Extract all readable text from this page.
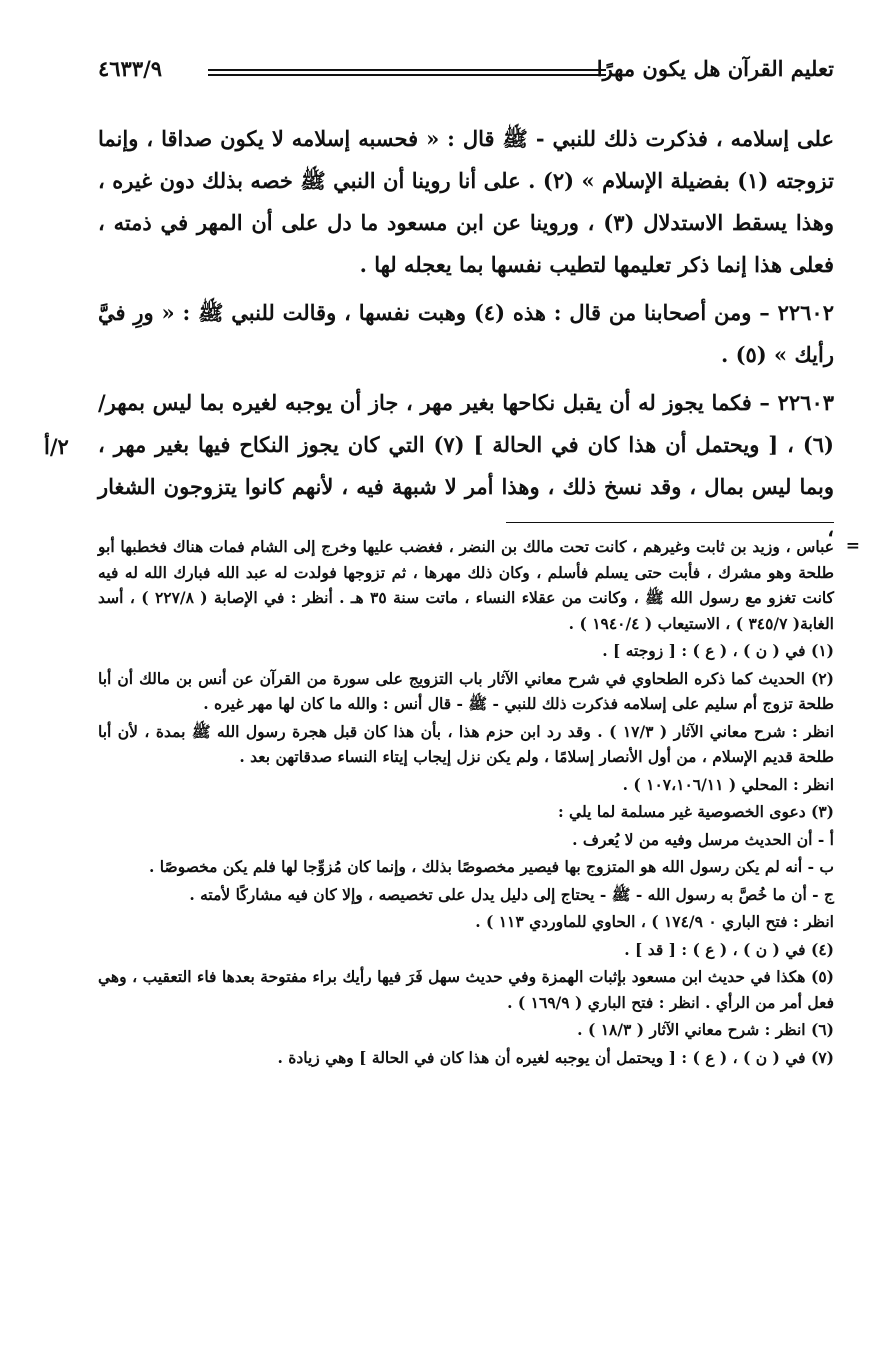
تعليم القرآن هل يكون مهرًا
٤٦٣٣/٩

على إسلامه ، فذكرت ذلك للنبي - ﷺ قال : « فحسبه إسلامه لا يكون صداقا ، وإنما تزوجته (١) بفضيلة الإسلام » (٢) . على أنا روينا أن النبي ﷺ خصه بذلك دون غيره ، وهذا يسقط الاستدلال (٣) ، وروينا عن ابن مسعود ما دل على أن المهر في ذمته ، فعلى هذا إنما ذكر تعليمها لتطيب نفسها بما يعجله لها .

٢٢٦٠٢ – ومن أصحابنا من قال : هذه (٤) وهبت نفسها ، وقالت للنبي ﷺ : « ورِ فيَّ رأيك » (٥) .

٢٢٦٠٣ – فكما يجوز له أن يقبل نكاحها بغير مهر ، جاز أن يوجبه لغيره بما ليس بمهر/ (٦) ، [ ويحتمل أن هذا كان في الحالة ] (٧) التي كان يجوز النكاح فيها بغير مهر ، وبما ليس بمال ، وقد نسخ ذلك ، وهذا أمر لا شبهة فيه ، لأنهم كانوا يتزوجون الشغار ،

٢/أ

=
عباس ، وزيد بن ثابت وغيرهم ، كانت تحت مالك بن النضر ، فغضب عليها وخرج إلى الشام فمات هناك فخطبها أبو طلحة وهو مشرك ، فأبت حتى يسلم فأسلم ، وكان ذلك مهرها ، ثم تزوجها فولدت له عبد الله فبارك الله له فيه كانت تغزو مع رسول الله ﷺ ، وكانت من عقلاء النساء ، ماتت سنة ٣٥ هـ . أنظر : في الإصابة ( ٢٢٧/٨ ) ، أسد الغابة( ٣٤٥/٧ ) ، الاستيعاب ( ١٩٤٠/٤ ) .

(١) في ( ن ) ، ( ع ) : [ زوجته ] .

(٢) الحديث كما ذكره الطحاوي في شرح معاني الآثار باب التزويج على سورة من القرآن عن أنس بن مالك أن أبا طلحة تزوج أم سليم على إسلامه فذكرت ذلك للنبي - ﷺ - قال أنس : والله ما كان لها مهر غيره .

انظر : شرح معاني الآثار ( ١٧/٣ ) . وقد رد ابن حزم هذا ، بأن هذا كان قبل هجرة رسول الله ﷺ بمدة ، لأن أبا طلحة قديم الإسلام ، من أول الأنصار إسلامًا ، ولم يكن نزل إيجاب إيتاء النساء صدقاتهن بعد .

انظر : المحلي ( ١٠٧،١٠٦/١١ ) .

(٣) دعوى الخصوصية غير مسلمة لما يلي :

أ - أن الحديث مرسل وفيه من لا يُعرف .

ب - أنه لم يكن رسول الله هو المتزوج بها فيصير مخصوصًا بذلك ، وإنما كان مُزوِّجا لها فلم يكن مخصوصًا .

ج - أن ما خُصَّ به رسول الله - ﷺ - يحتاج إلى دليل يدل على تخصيصه ، وإلا كان فيه مشاركًا لأمته .

انظر : فتح الباري ٠ ١٧٤/٩ ) ، الحاوي للماوردي ١١٣ ) .

(٤) في ( ن ) ، ( ع ) : [ قد ] .

(٥) هكذا في حديث ابن مسعود بإثبات الهمزة وفي حديث سهل فَرَ فيها رأيك براء مفتوحة بعدها فاء التعقيب ، وهي فعل أمر من الرأي . انظر : فتح الباري ( ١٦٩/٩ ) .

(٦) انظر : شرح معاني الآثار ( ١٨/٣ ) .

(٧) في ( ن ) ، ( ع ) : [ ويحتمل أن يوجبه لغيره أن هذا كان في الحالة ] وهي زيادة .
